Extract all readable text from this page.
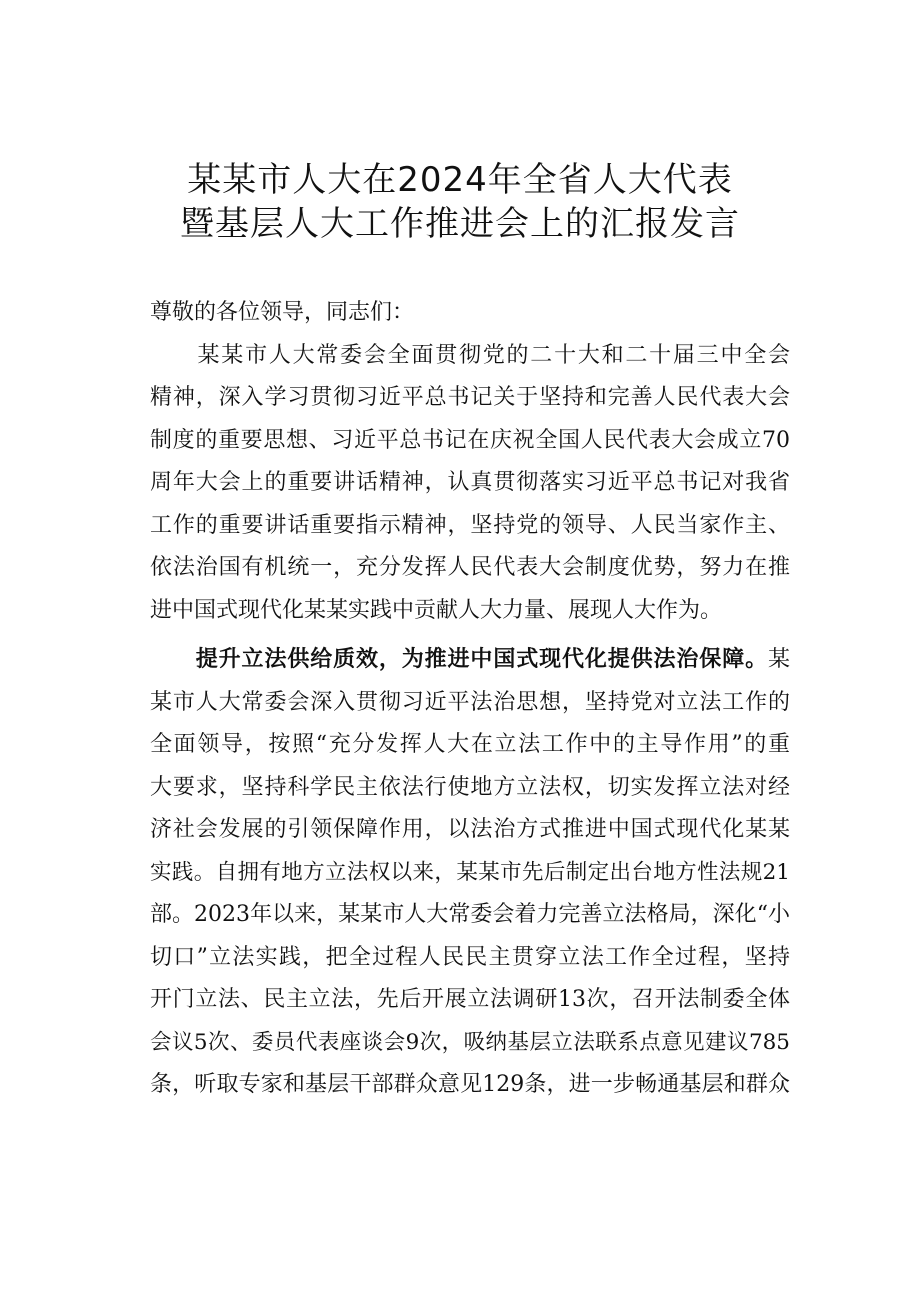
某某市人大在2024年全省人大代表
暨基层人大工作推进会上的汇报发言
尊敬的各位领导，同志们：
　　某某市人大常委会全面贯彻党的二十大和二十届三中全会
精神，深入学习贯彻习近平总书记关于坚持和完善人民代表大会
制度的重要思想、习近平总书记在庆祝全国人民代表大会成立70
周年大会上的重要讲话精神，认真贯彻落实习近平总书记对我省
工作的重要讲话重要指示精神，坚持党的领导、人民当家作主、
依法治国有机统一，充分发挥人民代表大会制度优势，努力在推
进中国式现代化某某实践中贡献人大力量、展现人大作为。
　　提升立法供给质效，为推进中国式现代化提供法治保障。某
某市人大常委会深入贯彻习近平法治思想，坚持党对立法工作的
全面领导，按照“充分发挥人大在立法工作中的主导作用”的重
大要求，坚持科学民主依法行使地方立法权，切实发挥立法对经
济社会发展的引领保障作用，以法治方式推进中国式现代化某某
实践。自拥有地方立法权以来，某某市先后制定出台地方性法规21
部。2023年以来，某某市人大常委会着力完善立法格局，深化“小
切口”立法实践，把全过程人民民主贯穿立法工作全过程，坚持
开门立法、民主立法，先后开展立法调研13次，召开法制委全体
会议5次、委员代表座谈会9次，吸纳基层立法联系点意见建议785
条，听取专家和基层干部群众意见129条，进一步畅通基层和群众
